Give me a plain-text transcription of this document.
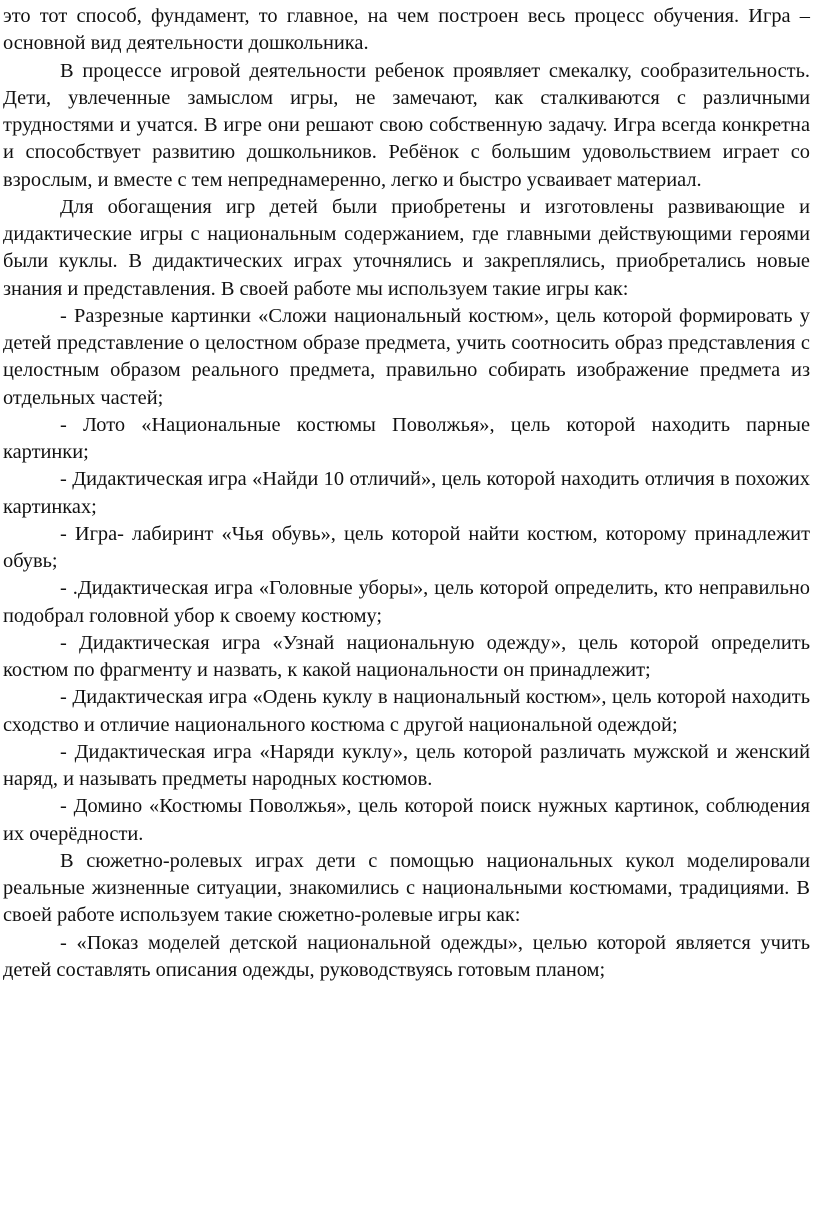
это тот способ, фундамент, то главное, на чем построен весь процесс обучения. Игра – основной вид деятельности дошкольника.

В процессе игровой деятельности ребенок проявляет смекалку, сообразительность. Дети, увлеченные замыслом игры, не замечают, как сталкиваются с различными трудностями и учатся. В игре они решают свою собственную задачу. Игра всегда конкретна и способствует развитию дошкольников. Ребёнок с большим удовольствием играет со взрослым, и вместе с тем непреднамеренно, легко и быстро усваивает материал.

Для обогащения игр детей были приобретены и изготовлены развивающие и дидактические игры с национальным содержанием, где главными действующими героями были куклы. В дидактических играх уточнялись и закреплялись, приобретались новые знания и представления. В своей работе мы используем такие игры как:

- Разрезные картинки «Сложи национальный костюм», цель которой формировать у детей представление о целостном образе предмета, учить соотносить образ представления с целостным образом реального предмета, правильно собирать изображение предмета из отдельных частей;

- Лото «Национальные костюмы Поволжья», цель которой находить парные картинки;

- Дидактическая игра «Найди 10 отличий», цель которой находить отличия в похожих картинках;

- Игра- лабиринт «Чья обувь», цель которой найти костюм, которому принадлежит обувь;

- .Дидактическая игра «Головные уборы», цель которой определить, кто неправильно подобрал головной убор к своему костюму;

- Дидактическая игра «Узнай национальную одежду», цель которой определить костюм по фрагменту и назвать, к какой национальности он принадлежит;

- Дидактическая игра «Одень куклу в национальный костюм», цель которой находить сходство и отличие национального костюма с другой национальной одеждой;

- Дидактическая игра «Наряди куклу», цель которой различать мужской и женский наряд, и называть предметы народных костюмов.

- Домино «Костюмы Поволжья», цель которой поиск нужных картинок, соблюдения их очерёдности.

В сюжетно-ролевых играх дети с помощью национальных кукол моделировали реальные жизненные ситуации, знакомились с национальными костюмами, традициями. В своей работе используем такие сюжетно-ролевые игры как:

- «Показ моделей детской национальной одежды», целью которой является учить детей составлять описания одежды, руководствуясь готовым планом;
